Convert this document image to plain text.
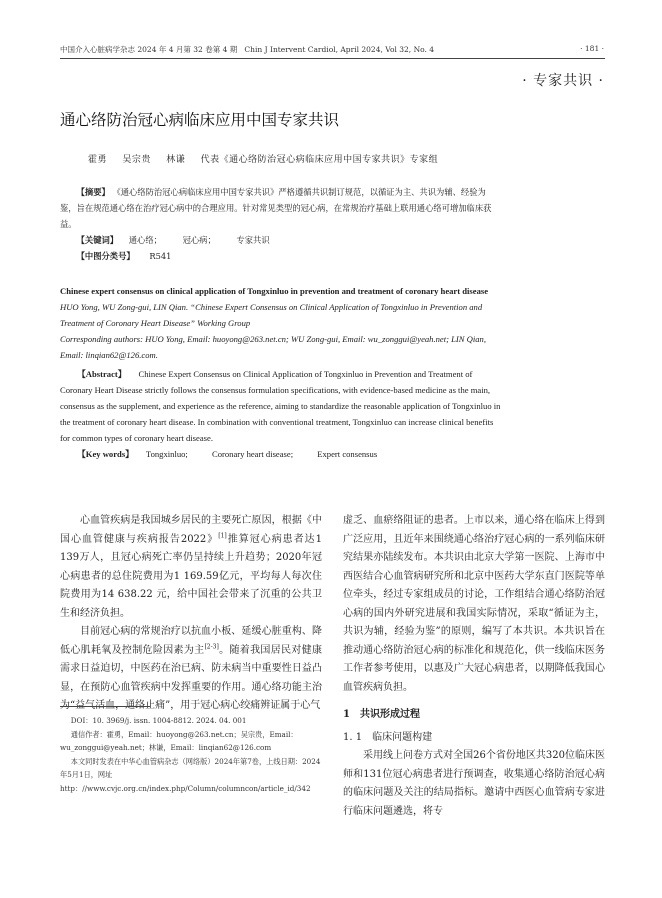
中国介入心脏病学杂志 2024 年 4 月第 32 卷第 4 期 Chin J Intervent Cardiol, April 2024, Vol 32, No. 4	· 181 ·
· 专家共识 ·
通心络防治冠心病临床应用中国专家共识
霍勇 吴宗贵 林谦 代表《通心络防治冠心病临床应用中国专家共识》专家组
【摘要】 《通心络防治冠心病临床应用中国专家共识》严格遵循共识制订规范，以循证为主、共识为辅、经验为鉴，旨在规范通心络在治疗冠心病中的合理应用。针对常见类型的冠心病，在常规治疗基础上联用通心络可增加临床获益。
【关键词】 通心络； 冠心病； 专家共识
【中图分类号】 R541
Chinese expert consensus on clinical application of Tongxinluo in prevention and treatment of coronary heart disease   HUO Yong, WU Zong-gui, LIN Qian. “Chinese Expert Consensus on Clinical Application of Tongxinluo in Prevention and Treatment of Coronary Heart Disease” Working Group
Corresponding authors: HUO Yong, Email: huoyong@263.net.cn; WU Zong-gui, Email: wu_zonggui@yeah.net; LIN Qian, Email: linqian62@126.com.
【Abstract】 Chinese Expert Consensus on Clinical Application of Tongxinluo in Prevention and Treatment of Coronary Heart Disease strictly follows the consensus formulation specifications, with evidence-based medicine as the main, consensus as the supplement, and experience as the reference, aiming to standardize the reasonable application of Tongxinluo in the treatment of coronary heart disease. In combination with conventional treatment, Tongxinluo can increase clinical benefits for common types of coronary heart disease.
【Key words】 Tongxinluo;	Coronary heart disease;	Expert consensus

心血管疾病是我国城乡居民的主要死亡原因，根据《中国心血管健康与疾病报告2022》[1]推算冠心病患者达1 139万人，且冠心病死亡率仍呈持续上升趋势；2020年冠心病患者的总住院费用为1 169.59亿元，平均每人每次住院费用为14 638.22 元，给中国社会带来了沉重的公共卫生和经济负担。

目前冠心病的常规治疗以抗血小板、延缓心脏重构、降低心肌耗氧及控制危险因素为主[2-3]。随着我国居民对健康需求日益迫切，中医药在治已病、防未病当中重要性日益凸显，在预防心血管疾病中发挥重要的作用。通心络功能主治为“益气活血，通络止痛”，用于冠心病心绞痛辨证属于心气

DOI：10. 3969/j. issn. 1004-8812. 2024. 04. 001
通信作者：霍勇，Email：huoyong@263.net.cn；吴宗贵，Email：wu_zonggui@yeah.net；林谦，Email：linqian62@126.com
本文同时发表在中华心血管病杂志（网络版）2024年第7卷，上线日期：2024年5月1日，网址http：//www.cvjc.org.cn/index.php/Column/columncon/article_id/342

虚乏、血瘀络阻证的患者。上市以来，通心络在临床上得到广泛应用，且近年来围绕通心络治疗冠心病的一系列临床研究结果亦陆续发布。本共识由北京大学第一医院、上海市中西医结合心血管病研究所和北京中医药大学东直门医院等单位牵头，经过专家组成员的讨论，工作组结合通心络防治冠心病的国内外研究进展和我国实际情况，采取“循证为主，共识为辅，经验为鉴”的原则，编写了本共识。本共识旨在推动通心络防治冠心病的标准化和规范化，供一线临床医务工作者参考使用，以惠及广大冠心病患者，以期降低我国心血管疾病负担。

1　共识形成过程
1. 1　临床问题构建

采用线上问卷方式对全国26个省份地区共320位临床医师和131位冠心病患者进行预调查，收集通心络防治冠心病的临床问题及关注的结局指标。邀请中西医心血管病专家进行临床问题遴选，将专
